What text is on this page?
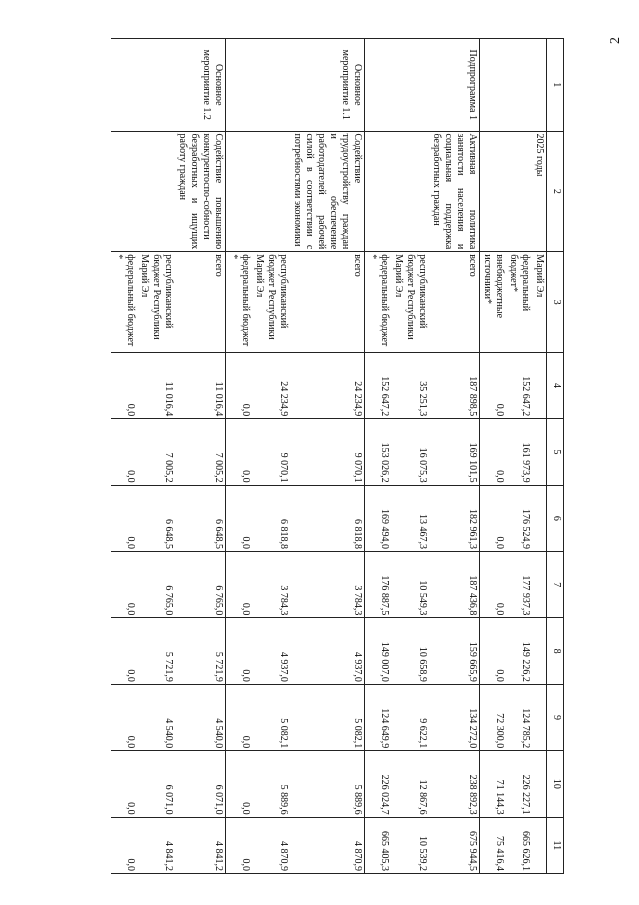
2
1	2	3	4	5	6	7	8	9	10	11
	2025 годы	Марий Эл								
		федеральный бюджет*	152 647,2	161 973,9	176 524,9	177 937,3	149 226,2	124 785,2	226 227,1	665 626,1
		внебюджетные источники*	0,0	0,0	0,0	0,0	0,0	72 300,0	71 144,3	75 416,4
Подпрограмма 1	Активная политика занятости населения и социальная поддержка безработных граждан	всего	187 898,5	169 101,5	182 961,3	187 436,8	159 665,9	134 272,0	238 892,3	675 944,5
		республиканский бюджет Республики Марий Эл	35 251,3	16 075,3	13 467,3	10 549,3	10 658,9	9 622,1	12 867,6	10 539,2
		федеральный бюджет *	152 647,2	153 026,2	169 494,0	176 887,5	149 007,0	124 649,9	226 024,7	665 405,3
Основное мероприятие 1.1	Содействие трудоустройству граждан и обеспечение работодателей рабочей силой в соответствии с потребностями экономики	всего	24 234,9	9 070,1	6 818,8	3 784,3	4 937,0	5 082,1	5 889,6	4 870,9
		республиканский бюджет Республики Марий Эл	24 234,9	9 070,1	6 818,8	3 784,3	4 937,0	5 082,1	5 889,6	4 870,9
		федеральный бюджет *	0,0	0,0	0,0	0,0	0,0	0,0	0,0	0,0
Основное мероприятие 1.2	Содействие повышению конкурентоспо-собности безработных и ищущих работу граждан	всего	11 016,4	7 005,2	6 648,5	6 765,0	5 721,9	4 540,0	6 071,0	4 841,2
		республиканский бюджет Республики Марий Эл	11 016,4	7 005,2	6 648,5	6 765,0	5 721,9	4 540,0	6 071,0	4 841,2
		федеральный бюджет *	0,0	0,0	0,0	0,0	0,0	0,0	0,0	0,0
